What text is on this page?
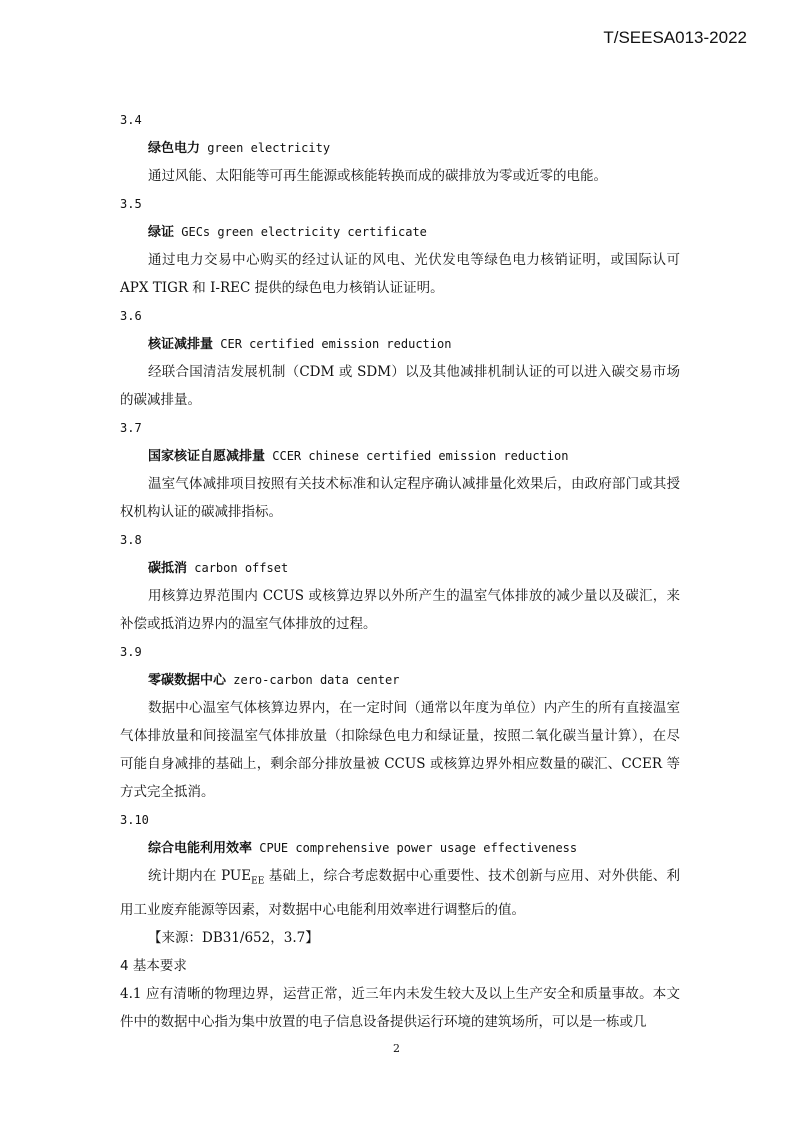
T/SEESA013-2022
3.4
绿色电力 green electricity

通过风能、太阳能等可再生能源或核能转换而成的碳排放为零或近零的电能。

3.5
绿证 GECs green electricity certificate

通过电力交易中心购买的经过认证的风电、光伏发电等绿色电力核销证明，或国际认可APX TIGR 和 I-REC 提供的绿色电力核销认证证明。

3.6
核证减排量 CER certified emission reduction

经联合国清洁发展机制（CDM 或 SDM）以及其他减排机制认证的可以进入碳交易市场的碳减排量。

3.7
国家核证自愿减排量 CCER chinese certified emission reduction

温室气体减排项目按照有关技术标准和认定程序确认减排量化效果后，由政府部门或其授权机构认证的碳减排指标。

3.8
碳抵消 carbon offset

用核算边界范围内 CCUS 或核算边界以外所产生的温室气体排放的减少量以及碳汇，来补偿或抵消边界内的温室气体排放的过程。

3.9
零碳数据中心 zero-carbon data center

数据中心温室气体核算边界内，在一定时间（通常以年度为单位）内产生的所有直接温室气体排放量和间接温室气体排放量（扣除绿色电力和绿证量，按照二氧化碳当量计算），在尽可能自身减排的基础上，剩余部分排放量被 CCUS 或核算边界外相应数量的碳汇、CCER 等方式完全抵消。

3.10
综合电能利用效率 CPUE comprehensive power usage effectiveness

统计期内在 $PUE_{EE}$ 基础上，综合考虑数据中心重要性、技术创新与应用、对外供能、利用工业废弃能源等因素，对数据中心电能利用效率进行调整后的值。

【来源：DB31/652，3.7】
4 基本要求

4.1 应有清晰的物理边界，运营正常，近三年内未发生较大及以上生产安全和质量事故。本文件中的数据中心指为集中放置的电子信息设备提供运行环境的建筑场所，可以是一栋或几

2
